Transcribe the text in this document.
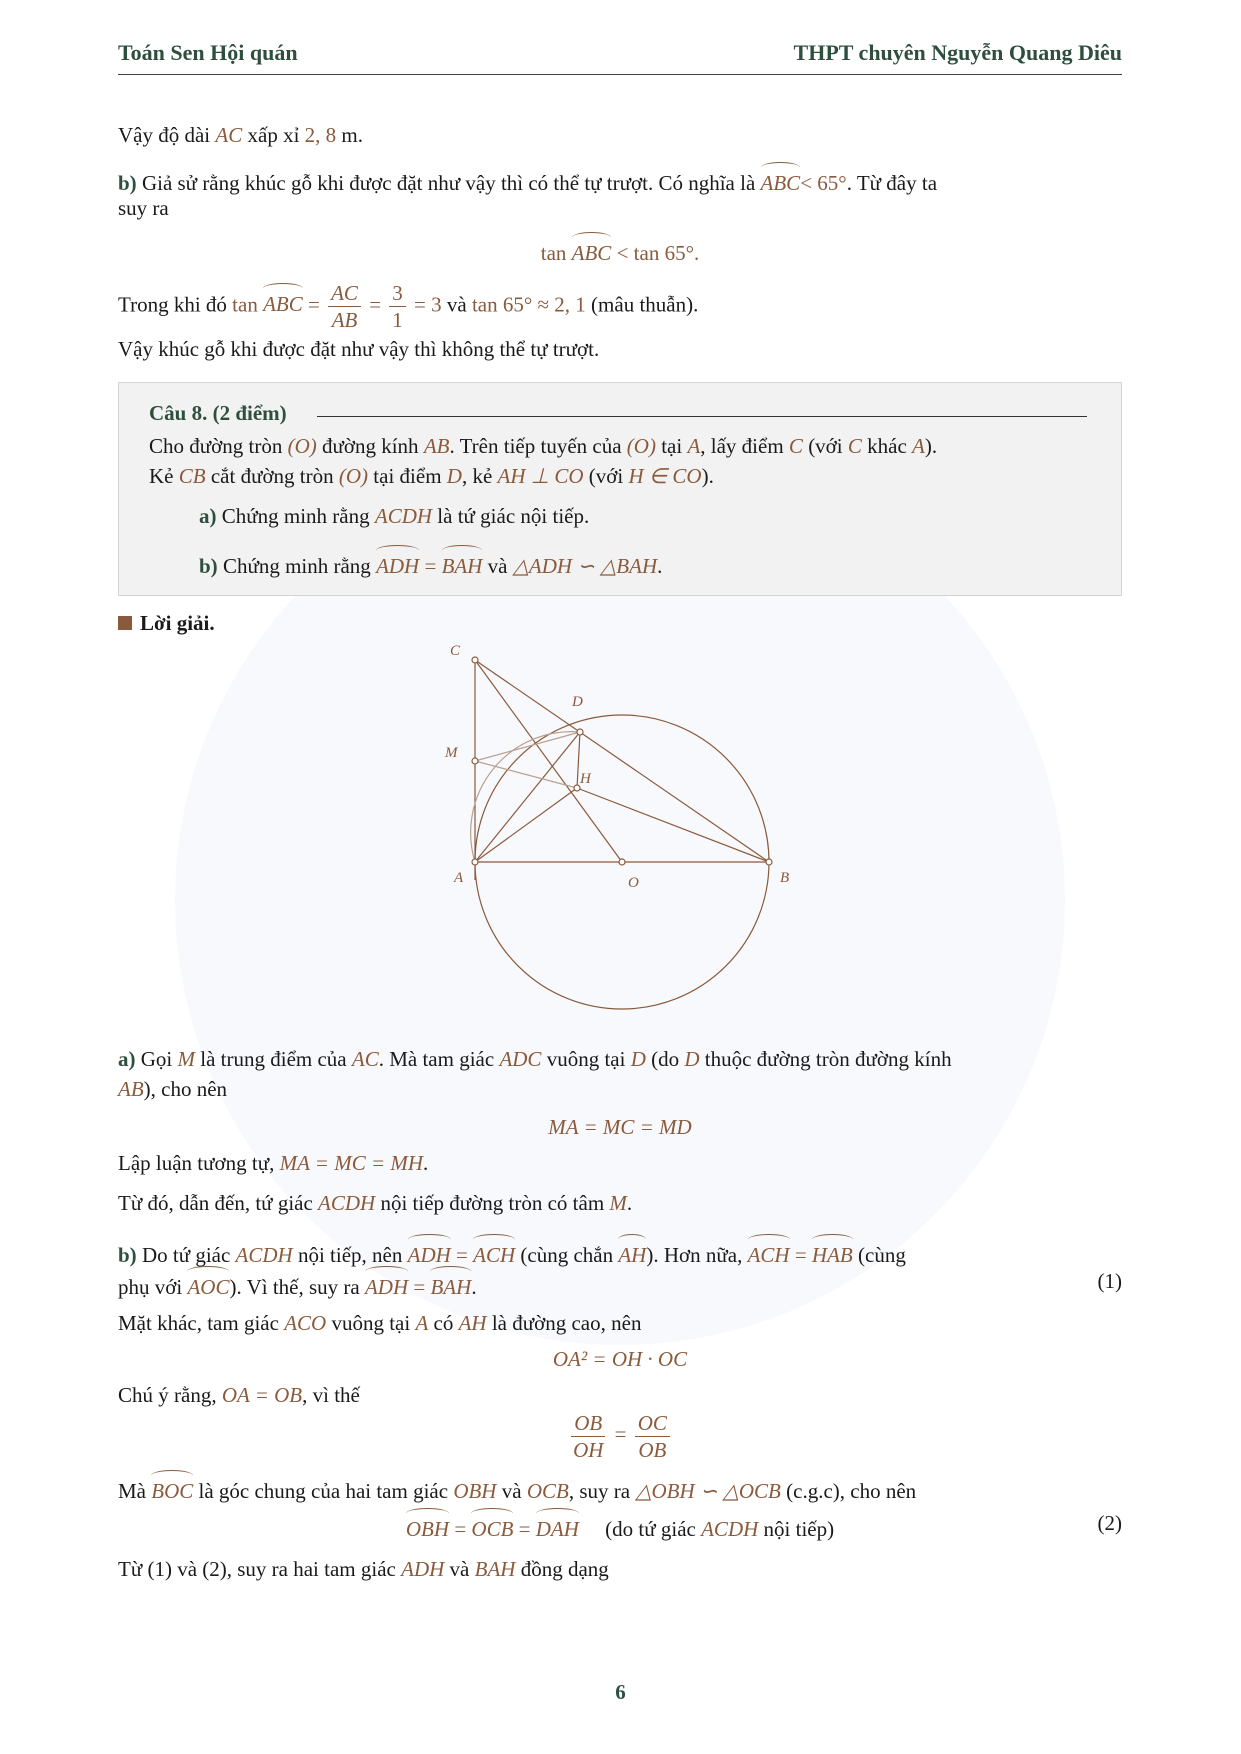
Toán Sen Hội quán	THPT chuyên Nguyễn Quang Diêu
Vậy độ dài AC xấp xỉ 2, 8 m.
b) Giả sử rằng khúc gỗ khi được đặt như vậy thì có thể tự trượt. Có nghĩa là ABC< 65°. Từ đây ta
suy ra
tan ABC < tan 65°.
Trong khi đó tan ABC = $\frac{AC}{AB} = \frac{3}{1} = 3$ và tan 65° ≈ 2, 1 (mâu thuẫn).
Vậy khúc gỗ khi được đặt như vậy thì không thể tự trượt.
Câu 8. (2 điểm)
Cho đường tròn (O) đường kính AB. Trên tiếp tuyến của (O) tại A, lấy điểm C (với C khác A).
Kẻ CB cắt đường tròn (O) tại điểm D, kẻ AH ⊥ CO (với H ∈ CO).
a) Chứng minh rằng ACDH là tứ giác nội tiếp.
b) Chứng minh rằng ADH = BAH và △ADH ∽ △BAH.
Lời giải.
C
D
M
H
A	O	B
a) Gọi M là trung điểm của AC. Mà tam giác ADC vuông tại D (do D thuộc đường tròn đường kính
AB), cho nên
MA = MC = MD
Lập luận tương tự, MA = MC = MH.
Từ đó, dẫn đến, tứ giác ACDH nội tiếp đường tròn có tâm M.
b) Do tứ giác ACDH nội tiếp, nên ADH = ACH (cùng chắn AH). Hơn nữa, ACH = HAB (cùng
phụ với AOC). Vì thế, suy ra ADH = BAH.	(1)
Mặt khác, tam giác ACO vuông tại A có AH là đường cao, nên
OA² = OH · OC
Chú ý rằng, OA = OB, vì thế
$\frac{OB}{OH} = \frac{OC}{OB}$
Mà BOC là góc chung của hai tam giác OBH và OCB, suy ra △OBH ∽ △OCB (c.g.c), cho nên
OBH = OCB = DAH (do tứ giác ACDH nội tiếp)	(2)
Từ (1) và (2), suy ra hai tam giác ADH và BAH đồng dạng
6
